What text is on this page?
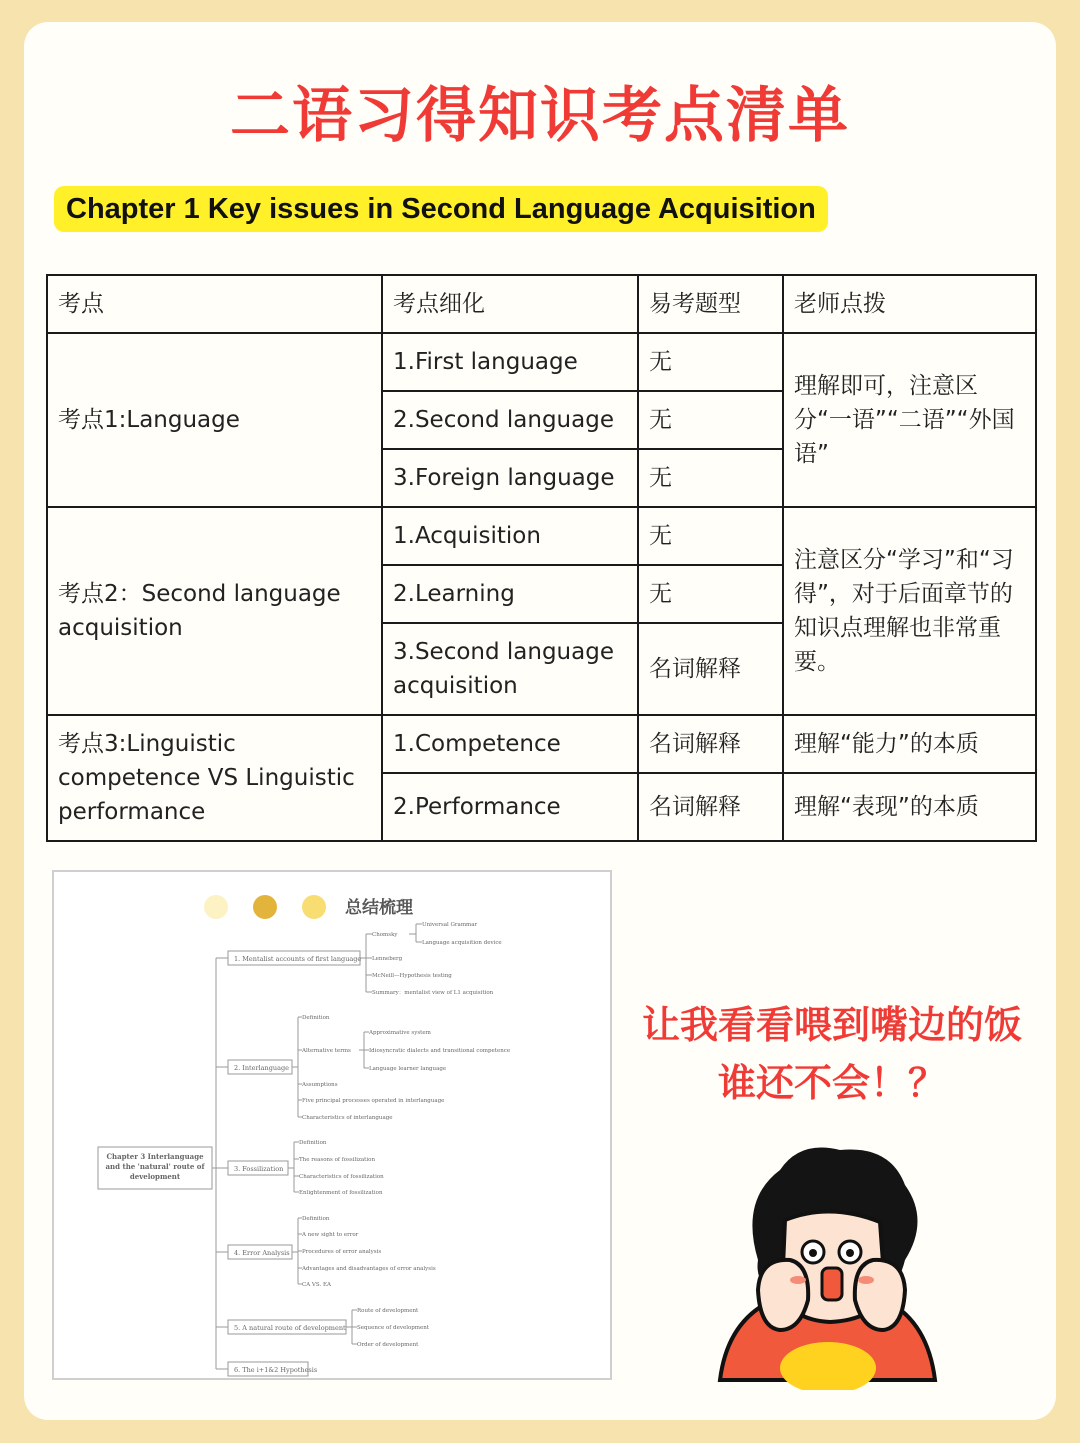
二语习得知识考点清单
Chapter 1 Key issues in Second Language Acquisition
考点	考点细化	易考题型	老师点拨
考点1:Language	1.First language	无	理解即可，注意区分“一语”“二语”“外国语”
	2.Second language	无	
	3.Foreign language	无	
考点2：Second language acquisition	1.Acquisition	无	注意区分“学习”和“习得”，对于后面章节的知识点理解也非常重要。
	2.Learning	无	
	3.Second language acquisition	名词解释	
考点3:Linguistic competence VS Linguistic performance	1.Competence	名词解释	理解“能力”的本质
	2.Performance	名词解释	理解“表现”的本质
总结梳理
Chapter 3 Interlanguage
and the 'natural' route of
development
1. Mentalist accounts of first language
Chomsky
Lenneberg
McNeill—Hypothesis testing
Summary：mentalist view of L1 acquisition
Universal Grammar
Language acquisition device
2. Interlanguage
Definition
Alternative terms
Assumptions
Five principal processes operated in interlanguage
Characteristics of interlanguage
Approximative system
Idiosyncratic dialects and transitional competence
Language learner language
3. Fossilization
Definition
The reasons of fossilization
Characteristics of fossilization
Enlightenment of fossilization
4. Error Analysis
Definition
A new sight to error
Procedures of error analysis
Advantages and disadvantages of error analysis
CA VS. EA
5. A natural route of development
Route of development
Sequence of development
Order of development
6. The i+1&2 Hypothesis
让我看看喂到嘴边的饭
谁还不会！？
